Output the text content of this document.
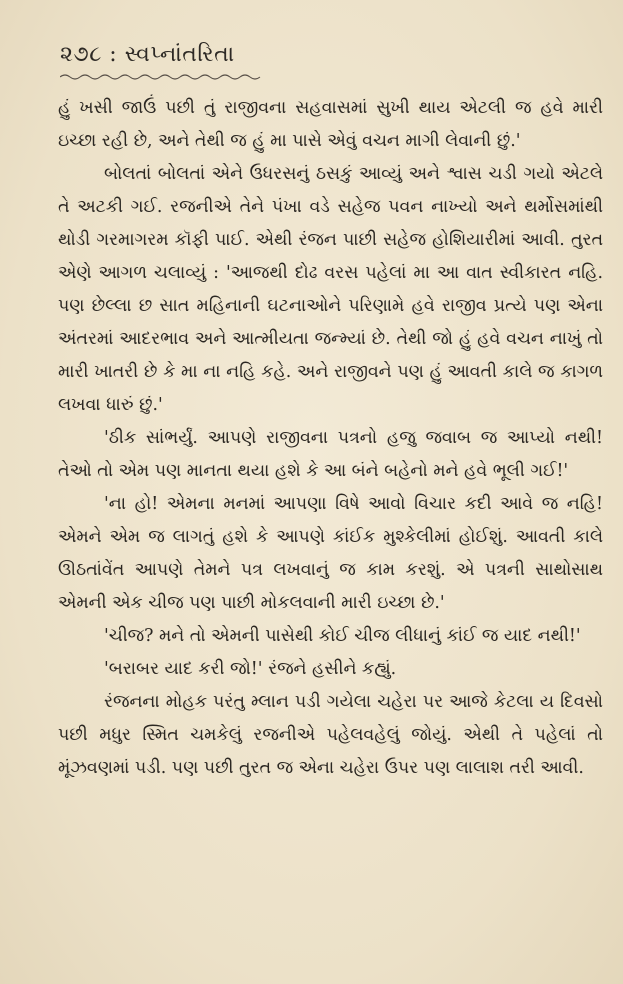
૨૭૮ : સ્વપ્નાંતરિતા

હું ખસી જાઉં પછી તું રાજીવના સહવાસમાં સુખી થાય એટલી જ હવે મારી ઇચ્છા રહી છે, અને તેથી જ હું મા પાસે એવું વચન માગી લેવાની છું.'

બોલતાં બોલતાં એને ઉધરસનું ઠસકું આવ્યું અને શ્વાસ ચડી ગયો એટલે તે અટકી ગઈ. રજનીએ તેને પંખા વડે સહેજ પવન નાખ્યો અને થર્મોસમાંથી થોડી ગરમાગરમ કૉફી પાઈ. એથી રંજન પાછી સહેજ હોશિયારીમાં આવી. તુરત એણે આગળ ચલાવ્યું : 'આજથી દોઢ વરસ પહેલાં મા આ વાત સ્વીકારત નહિ. પણ છેલ્લા છ સાત મહિનાની ઘટનાઓને પરિણામે હવે રાજીવ પ્રત્યે પણ એના અંતરમાં આદરભાવ અને આત્મીયતા જન્મ્યાં છે. તેથી જો હું હવે વચન નાખું તો મારી ખાતરી છે કે મા ના નહિ કહે. અને રાજીવને પણ હું આવતી કાલે જ કાગળ લખવા ધારું છું.'

'ઠીક સાંભર્યું. આપણે રાજીવના પત્રનો હજુ જવાબ જ આપ્યો નથી! તેઓ તો એમ પણ માનતા થયા હશે કે આ બંને બહેનો મને હવે ભૂલી ગઈ!'

'ના હો! એમના મનમાં આપણા વિષે આવો વિચાર કદી આવે જ નહિ! એમને એમ જ લાગતું હશે કે આપણે કાંઈક મુશ્કેલીમાં હોઈશું. આવતી કાલે ઊઠતાંવેંત આપણે તેમને પત્ર લખવાનું જ કામ કરશું. એ પત્રની સાથોસાથ એમની એક ચીજ પણ પાછી મોકલવાની મારી ઇચ્છા છે.'

'ચીજ? મને તો એમની પાસેથી કોઈ ચીજ લીધાનું કાંઈ જ યાદ નથી!'

'બરાબર યાદ કરી જો!' રંજને હસીને કહ્યું.

રંજનના મોહક પરંતુ મ્લાન પડી ગયેલા ચહેરા પર આજે કેટલા ય દિવસો પછી મધુર સ્મિત ચમકેલું રજનીએ પહેલવહેલું જોયું. એથી તે પહેલાં તો મૂંઝવણમાં પડી. પણ પછી તુરત જ એના ચહેરા ઉપર પણ લાલાશ તરી આવી.
